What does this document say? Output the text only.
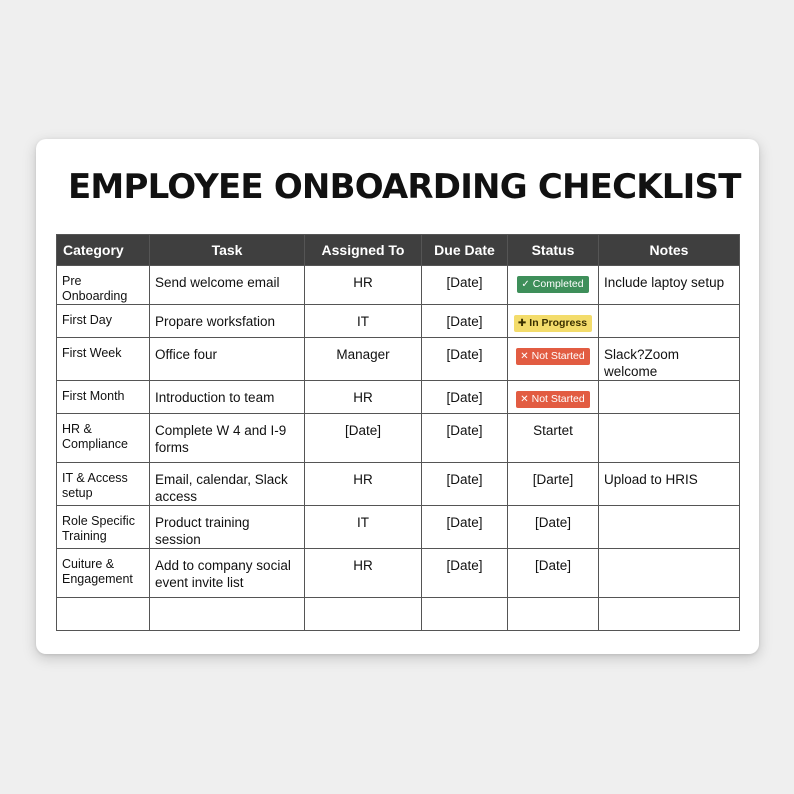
EMPLOYEE ONBOARDING CHECKLIST
Category	Task	Assigned To	Due Date	Status	Notes
Pre Onboarding	Send welcome email	HR	[Date]	✓ Completed	Include laptoy setup
First Day	Propare worksfation	IT	[Date]	✚ In Progress	
First Week	Office four	Manager	[Date]	✕ Not Started	Slack?Zoom welcome
First Month	Introduction to team	HR	[Date]	✕ Not Started	
HR & Compliance	Complete W 4 and I-9 forms	[Date]	[Date]	Startet	
IT & Access setup	Email, calendar, Slack access	HR	[Date]	[Darte]	Upload to HRIS
Role Specific Training	Product training session	IT	[Date]	[Date]	
Cuiture & Engagement	Add to company social event invite list	HR	[Date]	[Date]	
